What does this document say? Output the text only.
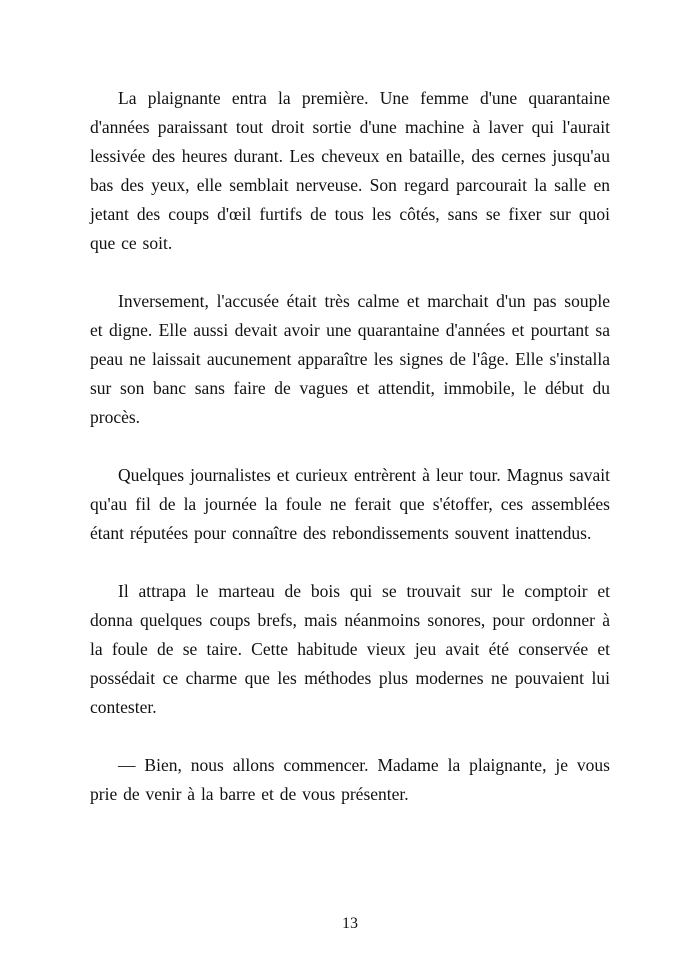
La plaignante entra la première. Une femme d'une quarantaine d'années paraissant tout droit sortie d'une machine à laver qui l'aurait lessivée des heures durant. Les cheveux en bataille, des cernes jusqu'au bas des yeux, elle semblait nerveuse. Son regard parcourait la salle en jetant des coups d'œil furtifs de tous les côtés, sans se fixer sur quoi que ce soit.

Inversement, l'accusée était très calme et marchait d'un pas souple et digne. Elle aussi devait avoir une quarantaine d'années et pourtant sa peau ne laissait aucunement apparaître les signes de l'âge. Elle s'installa sur son banc sans faire de vagues et attendit, immobile, le début du procès.

Quelques journalistes et curieux entrèrent à leur tour. Magnus savait qu'au fil de la journée la foule ne ferait que s'étoffer, ces assemblées étant réputées pour connaître des rebondissements souvent inattendus.

Il attrapa le marteau de bois qui se trouvait sur le comptoir et donna quelques coups brefs, mais néanmoins sonores, pour ordonner à la foule de se taire. Cette habitude vieux jeu avait été conservée et possédait ce charme que les méthodes plus modernes ne pouvaient lui contester.

— Bien, nous allons commencer. Madame la plaignante, je vous prie de venir à la barre et de vous présenter.

13
